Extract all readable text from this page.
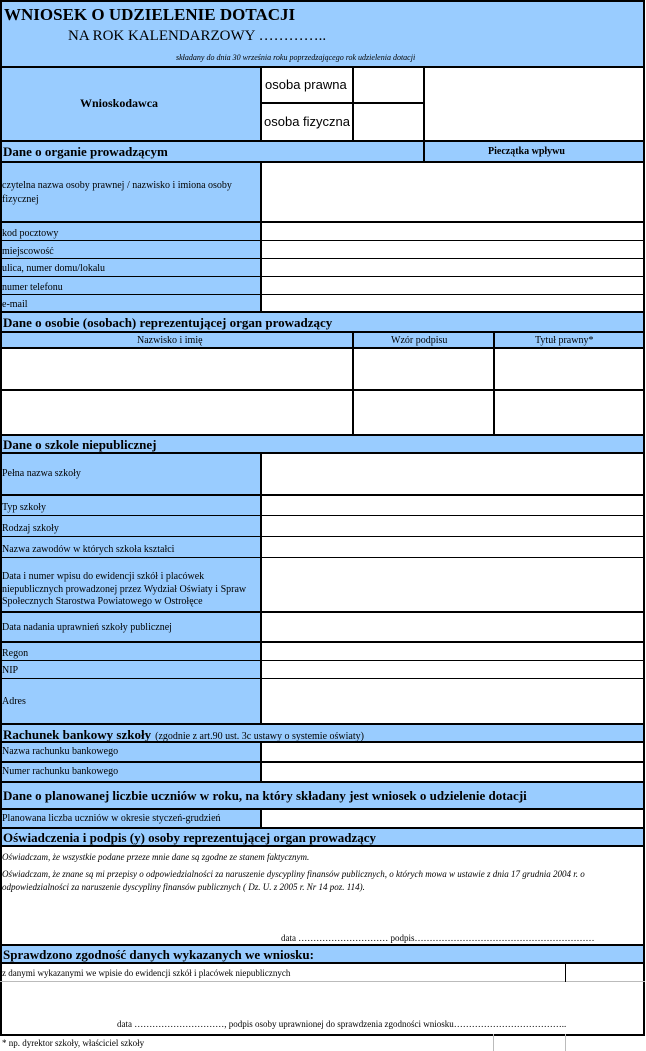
WNIOSEK O UDZIELENIE DOTACJI
NA ROK KALENDARZOWY …………..
składany do dnia 30 września roku poprzedzającego rok udzielenia dotacji
Wnioskodawca
osoba prawna
osoba fizyczna
Dane o organie prowadzącym	Pieczątka wpływu
czytelna nazwa osoby prawnej / nazwisko i imiona osoby fizycznej
kod pocztowy
miejscowość
ulica, numer domu/lokalu
numer telefonu
e-mail
Dane o osobie (osobach) reprezentującej organ prowadzący
Nazwisko i imię	Wzór podpisu	Tytuł prawny*
Dane o szkole niepublicznej
Pełna nazwa szkoły
Typ szkoły
Rodzaj szkoły
Nazwa zawodów w których szkoła kształci
Data i numer wpisu do ewidencji szkół i placówek niepublicznych prowadzonej przez Wydział Oświaty i Spraw Społecznych Starostwa Powiatowego w Ostrołęce
Data nadania uprawnień szkoły publicznej
Regon
NIP
Adres
Rachunek bankowy szkoły (zgodnie z art.90 ust. 3c ustawy o systemie oświaty)
Nazwa rachunku bankowego
Numer rachunku bankowego
Dane o planowanej liczbie uczniów w roku, na który składany jest wniosek o udzielenie dotacji
Planowana liczba uczniów w okresie styczeń-grudzień
Oświadczenia i podpis (y) osoby reprezentującej organ prowadzący
Oświadczam, że wszystkie podane przeze mnie dane są zgodne ze stanem faktycznym.
Oświadczam, że znane są mi przepisy o odpowiedzialności za naruszenie dyscypliny finansów publicznych, o których mowa w ustawie z dnia 17 grudnia 2004 r. o odpowiedzialności za naruszenie dyscypliny finansów publicznych ( Dz. U. z 2005 r. Nr 14 poz. 114).
data ………………………… podpis……………………………………………………
Sprawdzono zgodność danych wykazanych we wniosku:
z danymi wykazanymi we wpisie do ewidencji szkół i placówek niepublicznych
data …………………………, podpis osoby uprawnionej do sprawdzenia zgodności wniosku………………………………..
* np. dyrektor szkoły, właściciel szkoły
